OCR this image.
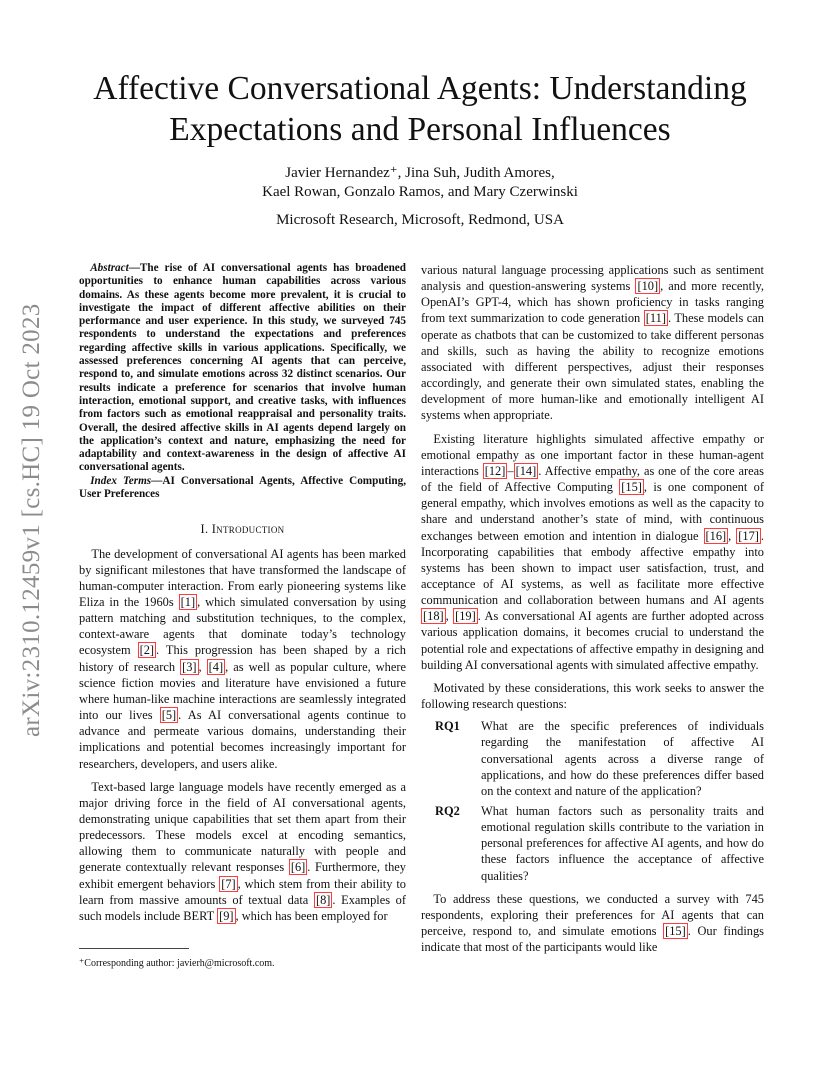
arXiv:2310.12459v1 [cs.HC] 19 Oct 2023
Affective Conversational Agents: Understanding
Expectations and Personal Influences
Javier Hernandez⁺, Jina Suh, Judith Amores,
Kael Rowan, Gonzalo Ramos, and Mary Czerwinski
Microsoft Research, Microsoft, Redmond, USA

Abstract—The rise of AI conversational agents has broadened opportunities to enhance human capabilities across various domains. As these agents become more prevalent, it is crucial to investigate the impact of different affective abilities on their performance and user experience. In this study, we surveyed 745 respondents to understand the expectations and preferences regarding affective skills in various applications. Specifically, we assessed preferences concerning AI agents that can perceive, respond to, and simulate emotions across 32 distinct scenarios. Our results indicate a preference for scenarios that involve human interaction, emotional support, and creative tasks, with influences from factors such as emotional reappraisal and personality traits. Overall, the desired affective skills in AI agents depend largely on the application’s context and nature, emphasizing the need for adaptability and context-awareness in the design of affective AI conversational agents.

Index Terms—AI Conversational Agents, Affective Computing, User Preferences

I. Introduction

The development of conversational AI agents has been marked by significant milestones that have transformed the landscape of human-computer interaction. From early pioneering systems like Eliza in the 1960s [1] , which simulated conversation by using pattern matching and substitution techniques, to the complex, context-aware agents that dominate today’s technology ecosystem [2] . This progression has been shaped by a rich history of research [3] , [4] , as well as popular culture, where science fiction movies and literature have envisioned a future where human-like machine interactions are seamlessly integrated into our lives [5] . As AI conversational agents continue to advance and permeate various domains, understanding their implications and potential becomes increasingly important for researchers, developers, and users alike.

Text-based large language models have recently emerged as a major driving force in the field of AI conversational agents, demonstrating unique capabilities that set them apart from their predecessors. These models excel at encoding semantics, allowing them to communicate naturally with people and generate contextually relevant responses [6] . Furthermore, they exhibit emergent behaviors [7] , which stem from their ability to learn from massive amounts of textual data [8] . Examples of such models include BERT [9] , which has been employed for

⁺Corresponding author: javierh@microsoft.com.

various natural language processing applications such as sentiment analysis and question-answering systems [10] , and more recently, OpenAI’s GPT-4, which has shown proficiency in tasks ranging from text summarization to code generation [11] . These models can operate as chatbots that can be customized to take different personas and skills, such as having the ability to recognize emotions associated with different perspectives, adjust their responses accordingly, and generate their own simulated states, enabling the development of more human-like and emotionally intelligent AI systems when appropriate.

Existing literature highlights simulated affective empathy or emotional empathy as one important factor in these human-agent interactions [12] – [14] . Affective empathy, as one of the core areas of the field of Affective Computing [15] , is one component of general empathy, which involves emotions as well as the capacity to share and understand another’s state of mind, with continuous exchanges between emotion and intention in dialogue [16] , [17] . Incorporating capabilities that embody affective empathy into systems has been shown to impact user satisfaction, trust, and acceptance of AI systems, as well as facilitate more effective communication and collaboration between humans and AI agents [18] , [19] . As conversational AI agents are further adopted across various application domains, it becomes crucial to understand the potential role and expectations of affective empathy in designing and building AI conversational agents with simulated affective empathy.

Motivated by these considerations, this work seeks to answer the following research questions:

RQ1	What are the specific preferences of individuals regarding the manifestation of affective AI conversational agents across a diverse range of applications, and how do these preferences differ based on the context and nature of the application?
RQ2	What human factors such as personality traits and emotional regulation skills contribute to the variation in personal preferences for affective AI agents, and how do these factors influence the acceptance of affective qualities?

To address these questions, we conducted a survey with 745 respondents, exploring their preferences for AI agents that can perceive, respond to, and simulate emotions [15] . Our findings indicate that most of the participants would like
